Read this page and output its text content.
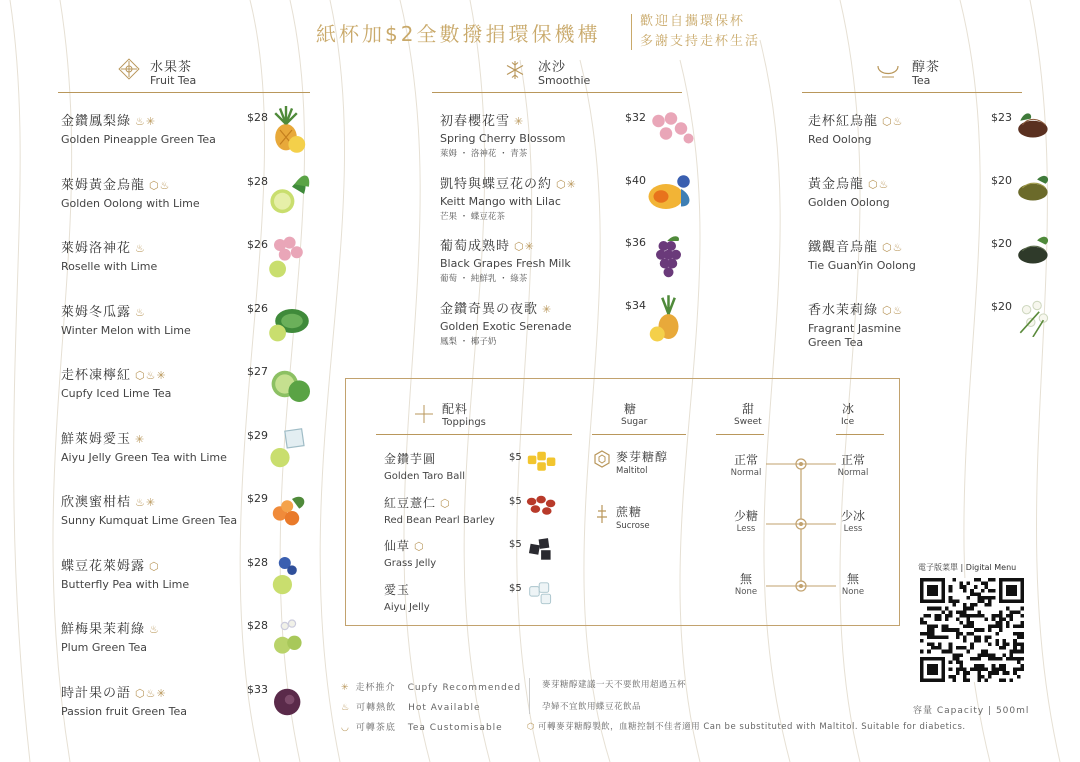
紙杯加$2全數撥捐環保機構
歡迎自攜環保杯
多謝支持走杯生活
水果茶
Fruit Tea
冰沙
Smoothie
醇茶
Tea
配料
Toppings
糖
Sugar
甜
Sweet
冰
Ice
麥芽糖醇建議一天不要飲用超過五杯
孕婦不宜飲用蝶豆花飲品
⬡ 可轉麥芽糖醇製飲，血糖控制不佳者適用 Can be substituted with Maltitol. Suitable for diabetics.
電子版菜單 | Digital Menu
容量 Capacity | 500ml
金鑽鳳梨綠 ♨✳
Golden Pineapple Green Tea
$28
萊姆黃金烏龍 ⬡♨
Golden Oolong with Lime
$28
萊姆洛神花 ♨
Roselle with Lime
$26
萊姆冬瓜露 ♨
Winter Melon with Lime
$26
走杯凍檸紅 ⬡♨✳
Cupfy Iced Lime Tea
$27
鮮萊姆愛玉 ✳
Aiyu Jelly Green Tea with Lime
$29
欣澳蜜柑桔 ♨✳
Sunny Kumquat Lime Green Tea
$29
蝶豆花萊姆露 ⬡
Butterfly Pea with Lime
$28
鮮梅果茉莉綠 ♨
Plum Green Tea
$28
時計果の語 ⬡♨✳
Passion fruit Green Tea
$33
初春櫻花雪 ✳
Spring Cherry Blossom
萊姆 ・ 洛神花 ・ 青茶
$32
凱特與蝶豆花の約 ⬡✳
Keitt Mango with Lilac
芒果 ・ 蝶豆花茶
$40
葡萄成熟時 ⬡✳
Black Grapes Fresh Milk
葡萄 ・ 純鮮乳 ・ 綠茶
$36
金鑽奇異の夜歌 ✳
Golden Exotic Serenade
鳳梨 ・ 椰子奶
$34
走杯紅烏龍 ⬡♨
Red Oolong
$23
黃金烏龍 ⬡♨
Golden Oolong
$20
鐵觀音烏龍 ⬡♨
Tie GuanYin Oolong
$20
香水茉莉綠 ⬡♨
Fragrant Jasmine
Green Tea
$20
金鑽芋圓
Golden Taro Ball
$5
紅豆薏仁 ⬡
Red Bean Pearl Barley
$5
仙草 ⬡
Grass Jelly
$5
愛玉
Aiyu Jelly
$5
麥芽糖醇
Maltitol
蔗糖
Sucrose
正常
Normal
少糖
Less
無
None
正常
Normal
少冰
Less
無
None
✳ 走杯推介 Cupfy Recommended
♨ 可轉熱飲 Hot Available
◡ 可轉茶底 Tea Customisable
